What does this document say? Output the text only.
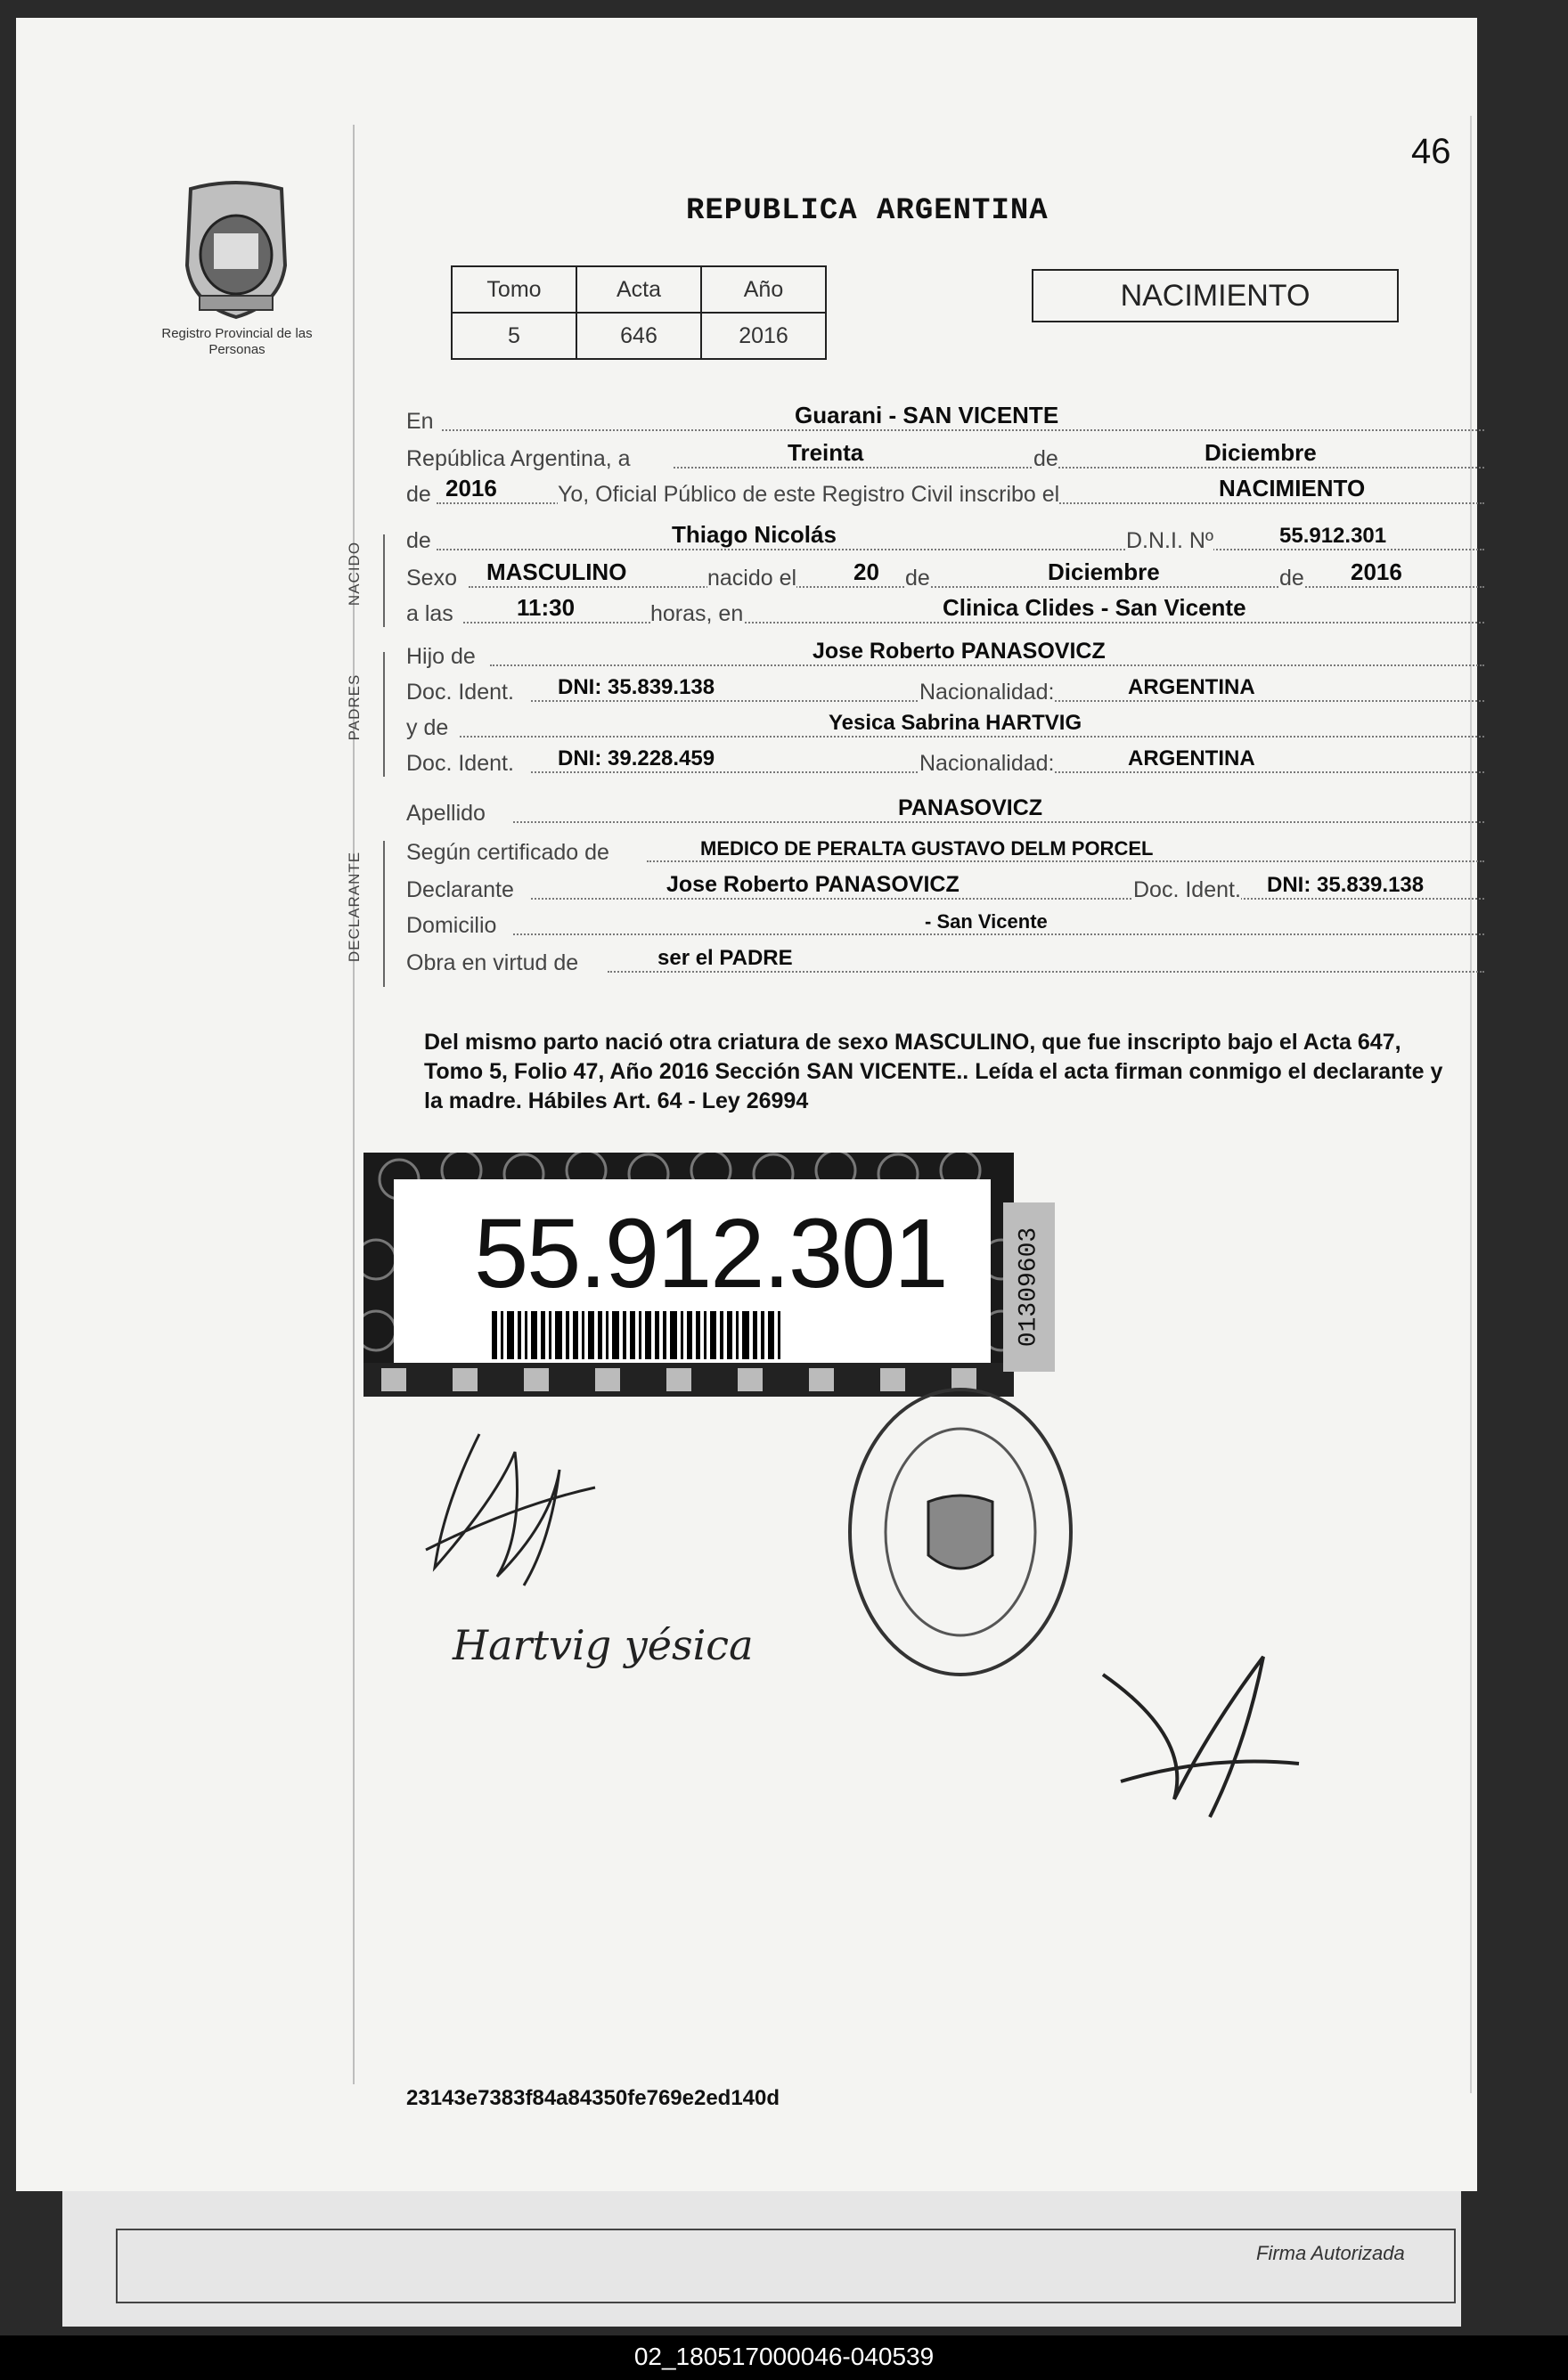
Firma Autorizada
46
Registro Provincial de las Personas
REPUBLICA ARGENTINA
Tomo	Acta	Año
5	646	2016
NACIMIENTO
En	Guarani - SAN VICENTE
República Argentina, a	Treinta	de	Diciembre
de 2016	Yo, Oficial Público de este Registro Civil inscribo el	NACIMIENTO
NACIDO
de	Thiago Nicolás	D.N.I. Nº	55.912.301
Sexo MASCULINO	nacido el 20 de	Diciembre	de 2016
a las	11:30	horas, en	Clinica Clides - San Vicente
PADRES
Hijo de	Jose Roberto PANASOVICZ
Doc. Ident. DNI: 35.839.138	Nacionalidad:	ARGENTINA
y de	Yesica Sabrina HARTVIG
Doc. Ident. DNI: 39.228.459	Nacionalidad:	ARGENTINA
Apellido	PANASOVICZ
DECLARANTE Según certificado de	MEDICO DE PERALTA GUSTAVO DELM PORCEL
Declarante	Jose Roberto PANASOVICZ	Doc. Ident. DNI: 35.839.138
Domicilio	- San Vicente
Obra en virtud de	ser el PADRE
Del mismo parto nació otra criatura de sexo MASCULINO, que fue inscripto bajo el Acta 647, Tomo 5, Folio 47, Año 2016 Sección SAN VICENTE.. Leída el acta firman conmigo el declarante y la madre. Hábiles Art. 64 - Ley 26994
55.912.301	01309603
Hartvig yésica
23143e7383f84a84350fe769e2ed140d
02_180517000046-040539
